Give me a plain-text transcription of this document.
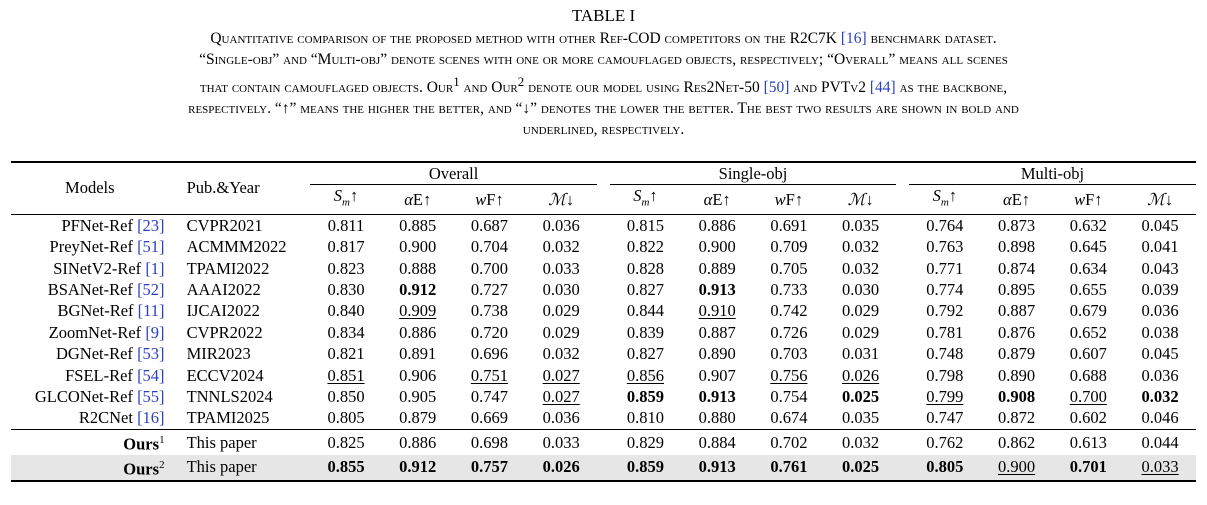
TABLE I
Quantitative comparison of the proposed method with other Ref-COD competitors on the R2C7K [16] benchmark dataset.
“Single-obj” and “Multi-obj” denote scenes with one or more camouflaged objects, respectively; “Overall” means all scenes
that contain camouflaged objects. Our$^1$ and Our$^2$ denote our model using Res2Net-50 [50] and PVTv2 [44] as the backbone,
respectively. “↑” means the higher the better, and “↓” denotes the lower the better. The best two results are shown in bold and
underlined, respectively.
Models	Pub.&Year	Overall					Single-obj					Multi-obj			
		$S_m↑$	αE↑	wF↑	ℳ↓		$S_m↑$	αE↑	wF↑	ℳ↓		$S_m↑$	αE↑	wF↑	ℳ↓
PFNet-Ref [23]	CVPR2021	0.811	0.885	0.687	0.036		0.815	0.886	0.691	0.035		0.764	0.873	0.632	0.045
PreyNet-Ref [51]	ACMMM2022	0.817	0.900	0.704	0.032		0.822	0.900	0.709	0.032		0.763	0.898	0.645	0.041
SINetV2-Ref [1]	TPAMI2022	0.823	0.888	0.700	0.033		0.828	0.889	0.705	0.032		0.771	0.874	0.634	0.043
BSANet-Ref [52]	AAAI2022	0.830	0.912	0.727	0.030		0.827	0.913	0.733	0.030		0.774	0.895	0.655	0.039
BGNet-Ref [11]	IJCAI2022	0.840	0.909	0.738	0.029		0.844	0.910	0.742	0.029		0.792	0.887	0.679	0.036
ZoomNet-Ref [9]	CVPR2022	0.834	0.886	0.720	0.029		0.839	0.887	0.726	0.029		0.781	0.876	0.652	0.038
DGNet-Ref [53]	MIR2023	0.821	0.891	0.696	0.032		0.827	0.890	0.703	0.031		0.748	0.879	0.607	0.045
FSEL-Ref [54]	ECCV2024	0.851	0.906	0.751	0.027		0.856	0.907	0.756	0.026		0.798	0.890	0.688	0.036
GLCONet-Ref [55]	TNNLS2024	0.850	0.905	0.747	0.027		0.859	0.913	0.754	0.025		0.799	0.908	0.700	0.032
R2CNet [16]	TPAMI2025	0.805	0.879	0.669	0.036		0.810	0.880	0.674	0.035		0.747	0.872	0.602	0.046
Ours$^1$	This paper	0.825	0.886	0.698	0.033		0.829	0.884	0.702	0.032		0.762	0.862	0.613	0.044
Ours$^2$	This paper	0.855	0.912	0.757	0.026		0.859	0.913	0.761	0.025		0.805	0.900	0.701	0.033
